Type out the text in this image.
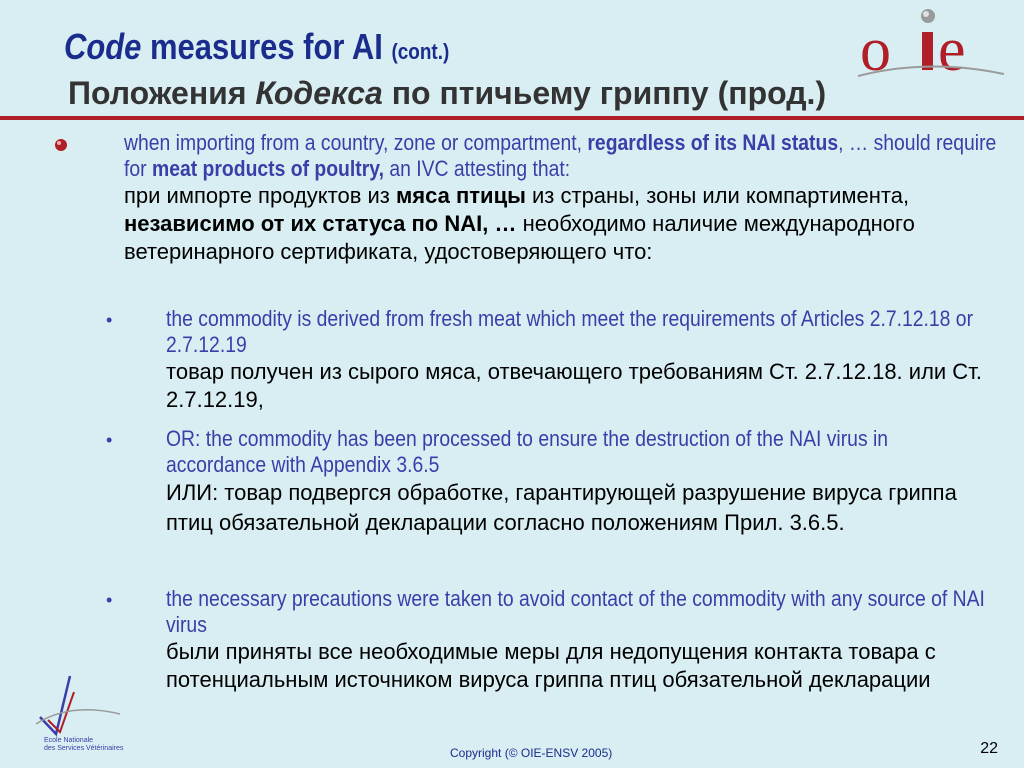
Code measures for AI (cont.)
Положения Кодекса по птичьему гриппу (прод.)
o e
when importing from a country, zone or compartment, regardless of its NAI status, … should require for meat products of poultry, an IVC attesting that:
при импорте продуктов из мяса птицы из страны, зоны или компартимента, независимо от их статуса по NAI, … необходимо наличие международного ветеринарного сертификата, удостоверяющего что:
• the commodity is derived from fresh meat which meet the requirements of Articles 2.7.12.18 or 2.7.12.19
товар получен из сырого мяса, отвечающего требованиям Ст. 2.7.12.18. или Ст. 2.7.12.19,
• OR: the commodity has been processed to ensure the destruction of the NAI virus in accordance with Appendix 3.6.5
ИЛИ: товар подвергся обработке, гарантирующей разрушение вируса гриппа птиц обязательной декларации согласно положениям Прил. 3.6.5.
• the necessary precautions were taken to avoid contact of the commodity with any source of NAI virus
были приняты все необходимые меры для недопущения контакта товара с потенциальным источником вируса гриппа птиц обязательной декларации
Ecole Nationale
des Services Vétérinaires	Copyright (© OIE-ENSV 2005)	22
